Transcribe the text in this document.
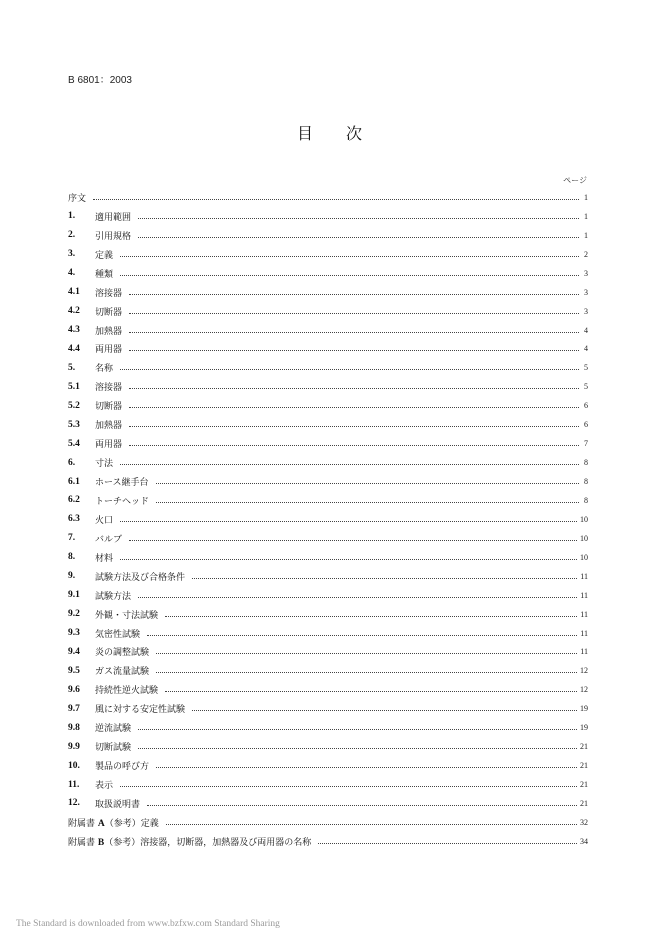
B 6801：2003
目 次
ページ
序文	1
1.	適用範囲	1
2.	引用規格	1
3.	定義	2
4.	種類	3
4.1	溶接器	3
4.2	切断器	3
4.3	加熱器	4
4.4	両用器	4
5.	名称	5
5.1	溶接器	5
5.2	切断器	6
5.3	加熱器	6
5.4	両用器	7
6.	寸法	8
6.1	ホース継手台	8
6.2	トーチヘッド	8
6.3	火口	10
7.	バルブ	10
8.	材料	10
9.	試験方法及び合格条件	11
9.1	試験方法	11
9.2	外観・寸法試験	11
9.3	気密性試験	11
9.4	炎の調整試験	11
9.5	ガス流量試験	12
9.6	持続性逆火試験	12
9.7	風に対する安定性試験	19
9.8	逆流試験	19
9.9	切断試験	21
10.	製品の呼び方	21
11.	表示	21
12.	取扱説明書	21
附属書 A（参考）定義	32
附属書 B（参考）溶接器，切断器，加熱器及び両用器の名称	34
The Standard is downloaded from www.bzfxw.com Standard Sharing
